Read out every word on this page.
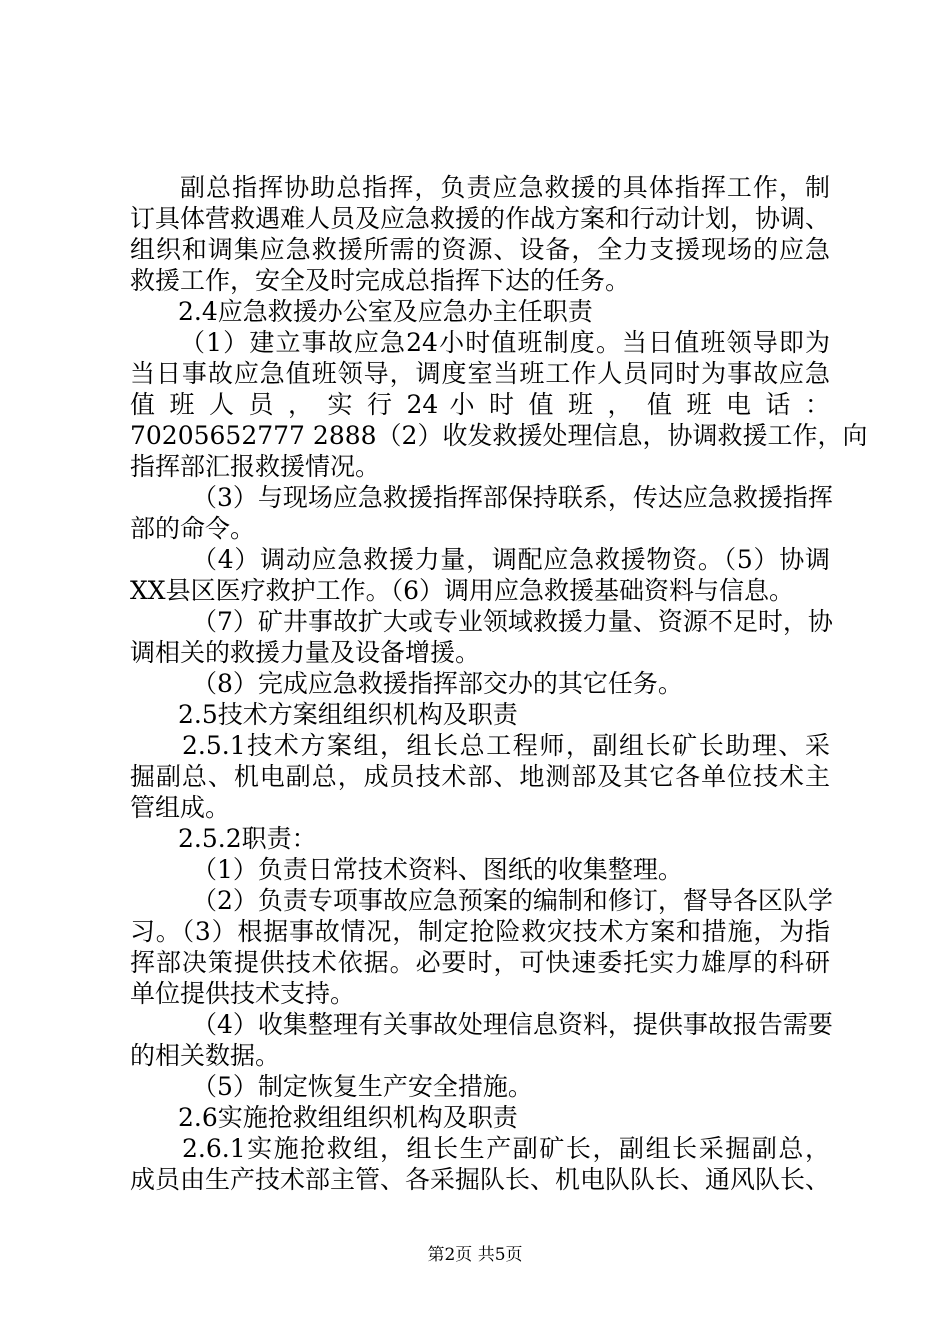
副总指挥协助总指挥，负责应急救援的具体指挥工作，制
订具体营救遇难人员及应急救援的作战方案和行动计划，协调、
组织和调集应急救援所需的资源、设备，全力支援现场的应急
救援工作，安全及时完成总指挥下达的任务。
2.4应急救援办公室及应急办主任职责
（1）建立事故应急24小时值班制度。当日值班领导即为
当日事故应急值班领导，调度室当班工作人员同时为事故应急
值 班 人 员 ， 实 行 24 小 时 值 班 ， 值 班 电 话 ：
70205652777 2888（2）收发救援处理信息，协调救援工作，向
指挥部汇报救援情况。
（3）与现场应急救援指挥部保持联系，传达应急救援指挥
部的命令。
（4）调动应急救援力量，调配应急救援物资。（5）协调
XX县区医疗救护工作。（6）调用应急救援基础资料与信息。
（7）矿井事故扩大或专业领域救援力量、资源不足时，协
调相关的救援力量及设备增援。
（8）完成应急救援指挥部交办的其它任务。
2.5技术方案组组织机构及职责
2.5.1技术方案组，组长总工程师，副组长矿长助理、采
掘副总、机电副总，成员技术部、地测部及其它各单位技术主
管组成。
2.5.2职责：
（1）负责日常技术资料、图纸的收集整理。
（2）负责专项事故应急预案的编制和修订，督导各区队学
习。（3）根据事故情况，制定抢险救灾技术方案和措施，为指
挥部决策提供技术依据。必要时，可快速委托实力雄厚的科研
单位提供技术支持。
（4）收集整理有关事故处理信息资料，提供事故报告需要
的相关数据。
（5）制定恢复生产安全措施。
2.6实施抢救组组织机构及职责
2.6.1实施抢救组，组长生产副矿长，副组长采掘副总，
成员由生产技术部主管、各采掘队长、机电队队长、通风队长、
第2页 共5页
